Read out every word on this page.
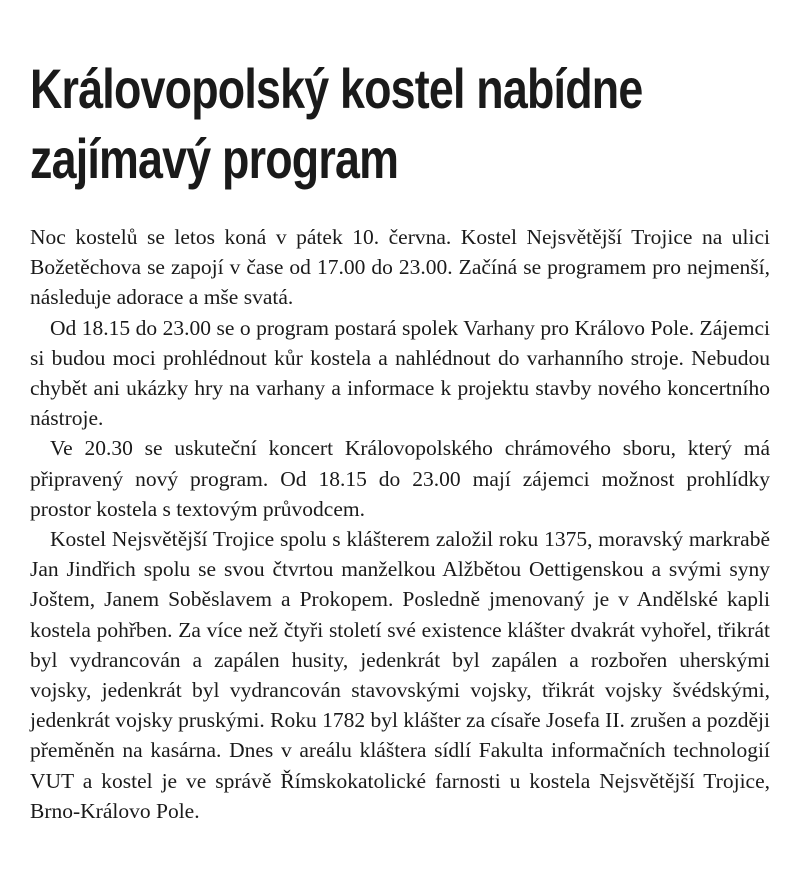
Královopolský kostel nabídne zajímavý program

Noc kostelů se letos koná v pátek 10. června. Kostel Nejsvětější Trojice na ulici Božetěchova se zapojí v čase od 17.00 do 23.00. Začíná se programem pro nejmenší, následuje adorace a mše svatá.

Od 18.15 do 23.00 se o program postará spolek Varhany pro Královo Pole. Zájemci si budou moci prohlédnout kůr kostela a nahlédnout do varhanního stroje. Nebudou chybět ani ukázky hry na varhany a informace k projektu stavby nového koncertního nástroje.

Ve 20.30 se uskuteční koncert Královopolského chrámového sboru, který má připravený nový program. Od 18.15 do 23.00 mají zájemci možnost prohlídky prostor kostela s textovým průvodcem.

Kostel Nejsvětější Trojice spolu s klášterem založil roku 1375, moravský markrabě Jan Jindřich spolu se svou čtvrtou manželkou Alžbětou Oettigenskou a svými syny Joštem, Janem Soběslavem a Prokopem. Posledně jmenovaný je v Andělské kapli kostela pohřben. Za více než čtyři století své existence klášter dvakrát vyhořel, třikrát byl vydrancován a zapálen husity, jedenkrát byl zapálen a rozbořen uherskými vojsky, jedenkrát byl vydrancován stavovskými vojsky, třikrát vojsky švédskými, jedenkrát vojsky pruskými. Roku 1782 byl klášter za císaře Josefa II. zrušen a později přeměněn na kasárna. Dnes v areálu kláštera sídlí Fakulta informačních technologií VUT a kostel je ve správě Římskokatolické farnosti u kostela Nejsvětější Trojice, Brno-Královo Pole.
